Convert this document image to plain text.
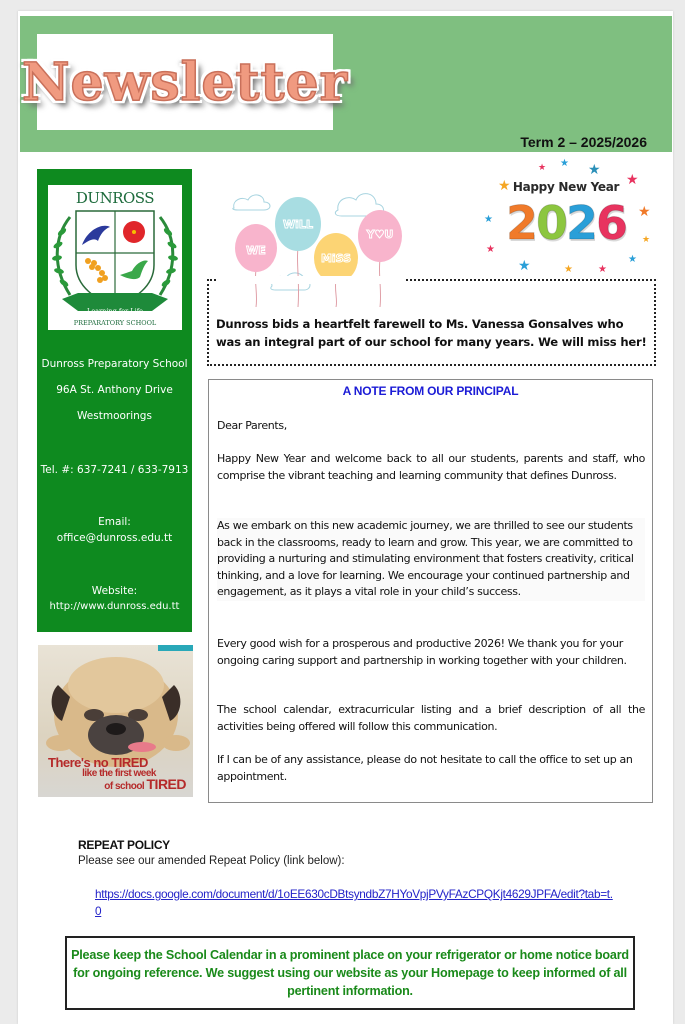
Newsletter
Term 2 – 2025/2026
DUNROSS
Learning for Life
PREPARATORY SCHOOL
Dunross Preparatory School
96A St. Anthony Drive
Westmoorings
Tel. #: 637-7241 / 633-7913
Email:
office@dunross.edu.tt
Website:
http://www.dunross.edu.tt
There's no TIRED
like the first week
of school TIRED
WE
WiLL
MiSS
Y♥U
★
★	★
★ ★
★
★
★
★	★	★
★
★
Happy New Year
2026
Dunross bids a heartfelt farewell to Ms. Vanessa Gonsalves who was an integral part of our school for many years. We will miss her!
A NOTE FROM OUR PRINCIPAL
Dear Parents,
Happy New Year and welcome back to all our students, parents and staff, who comprise the vibrant teaching and learning community that defines Dunross.
As we embark on this new academic journey, we are thrilled to see our students back in the classrooms, ready to learn and grow. This year, we are committed to providing a nurturing and stimulating environment that fosters creativity, critical thinking, and a love for learning. We encourage your continued partnership and engagement, as it plays a vital role in your child’s success.
Every good wish for a prosperous and productive 2026! We thank you for your ongoing caring support and partnership in working together with your children.
The school calendar, extracurricular listing and a brief description of all the activities being offered will follow this communication.
If I can be of any assistance, please do not hesitate to call the office to set up an appointment.
REPEAT POLICY
Please see our amended Repeat Policy (link below):
https://docs.google.com/document/d/1oEE630cDBtsyndbZ7HYoVpjPVyFAzCPQKjt4629JPFA/edit?tab=t.0
Please keep the School Calendar in a prominent place on your refrigerator or home notice board for ongoing reference. We suggest using our website as your Homepage to keep informed of all pertinent information.
